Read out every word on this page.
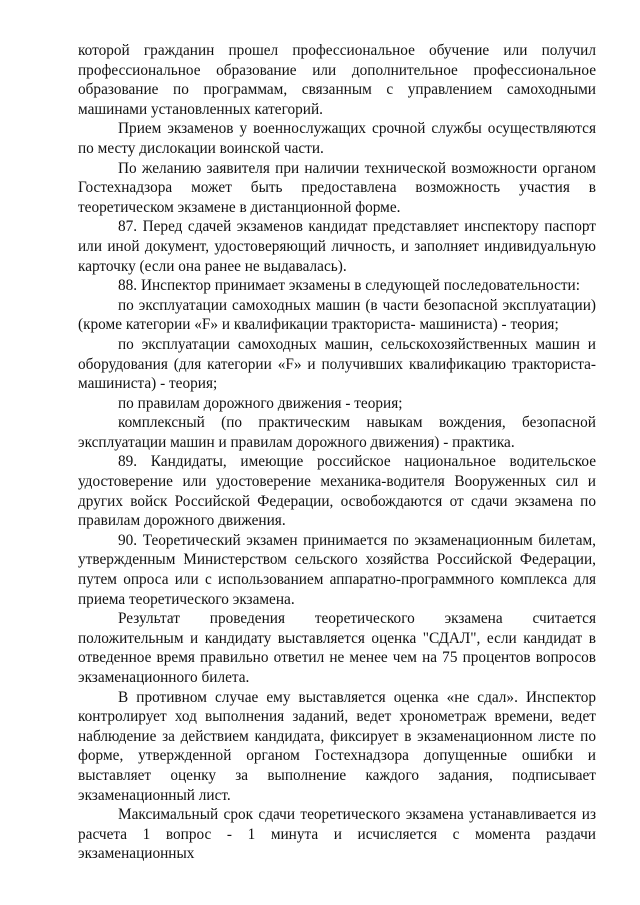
которой гражданин прошел профессиональное обучение или получил профессиональное образование или дополнительное профессиональное образование по программам, связанным с управлением самоходными машинами установленных категорий.

Прием экзаменов у военнослужащих срочной службы осуществляются по месту дислокации воинской части.

По желанию заявителя при наличии технической возможности органом Гостехнадзора может быть предоставлена возможность участия в теоретическом экзамене в дистанционной форме.

87. Перед сдачей экзаменов кандидат представляет инспектору паспорт или иной документ, удостоверяющий личность, и заполняет индивидуальную карточку (если она ранее не выдавалась).

88. Инспектор принимает экзамены в следующей последовательности:

по эксплуатации самоходных машин (в части безопасной эксплуатации) (кроме категории «F» и квалификации тракториста- машиниста) - теория;

по эксплуатации самоходных машин, сельскохозяйственных машин и оборудования (для категории «F» и получивших квалификацию тракториста-машиниста) - теория;

по правилам дорожного движения - теория;

комплексный (по практическим навыкам вождения, безопасной эксплуатации машин и правилам дорожного движения) - практика.

89. Кандидаты, имеющие российское национальное водительское удостоверение или удостоверение механика-водителя Вооруженных сил и других войск Российской Федерации, освобождаются от сдачи экзамена по правилам дорожного движения.

90. Теоретический экзамен принимается по экзаменационным билетам, утвержденным Министерством сельского хозяйства Российской Федерации, путем опроса или с использованием аппаратно-программного комплекса для приема теоретического экзамена.

Результат проведения теоретического экзамена считается положительным и кандидату выставляется оценка "СДАЛ", если кандидат в отведенное время правильно ответил не менее чем на 75 процентов вопросов экзаменационного билета.

В противном случае ему выставляется оценка «не сдал». Инспектор контролирует ход выполнения заданий, ведет хронометраж времени, ведет наблюдение за действием кандидата, фиксирует в экзаменационном листе по форме, утвержденной органом Гостехнадзора допущенные ошибки и выставляет оценку за выполнение каждого задания, подписывает экзаменационный лист.

Максимальный срок сдачи теоретического экзамена устанавливается из расчета 1 вопрос - 1 минута и исчисляется с момента раздачи экзаменационных
